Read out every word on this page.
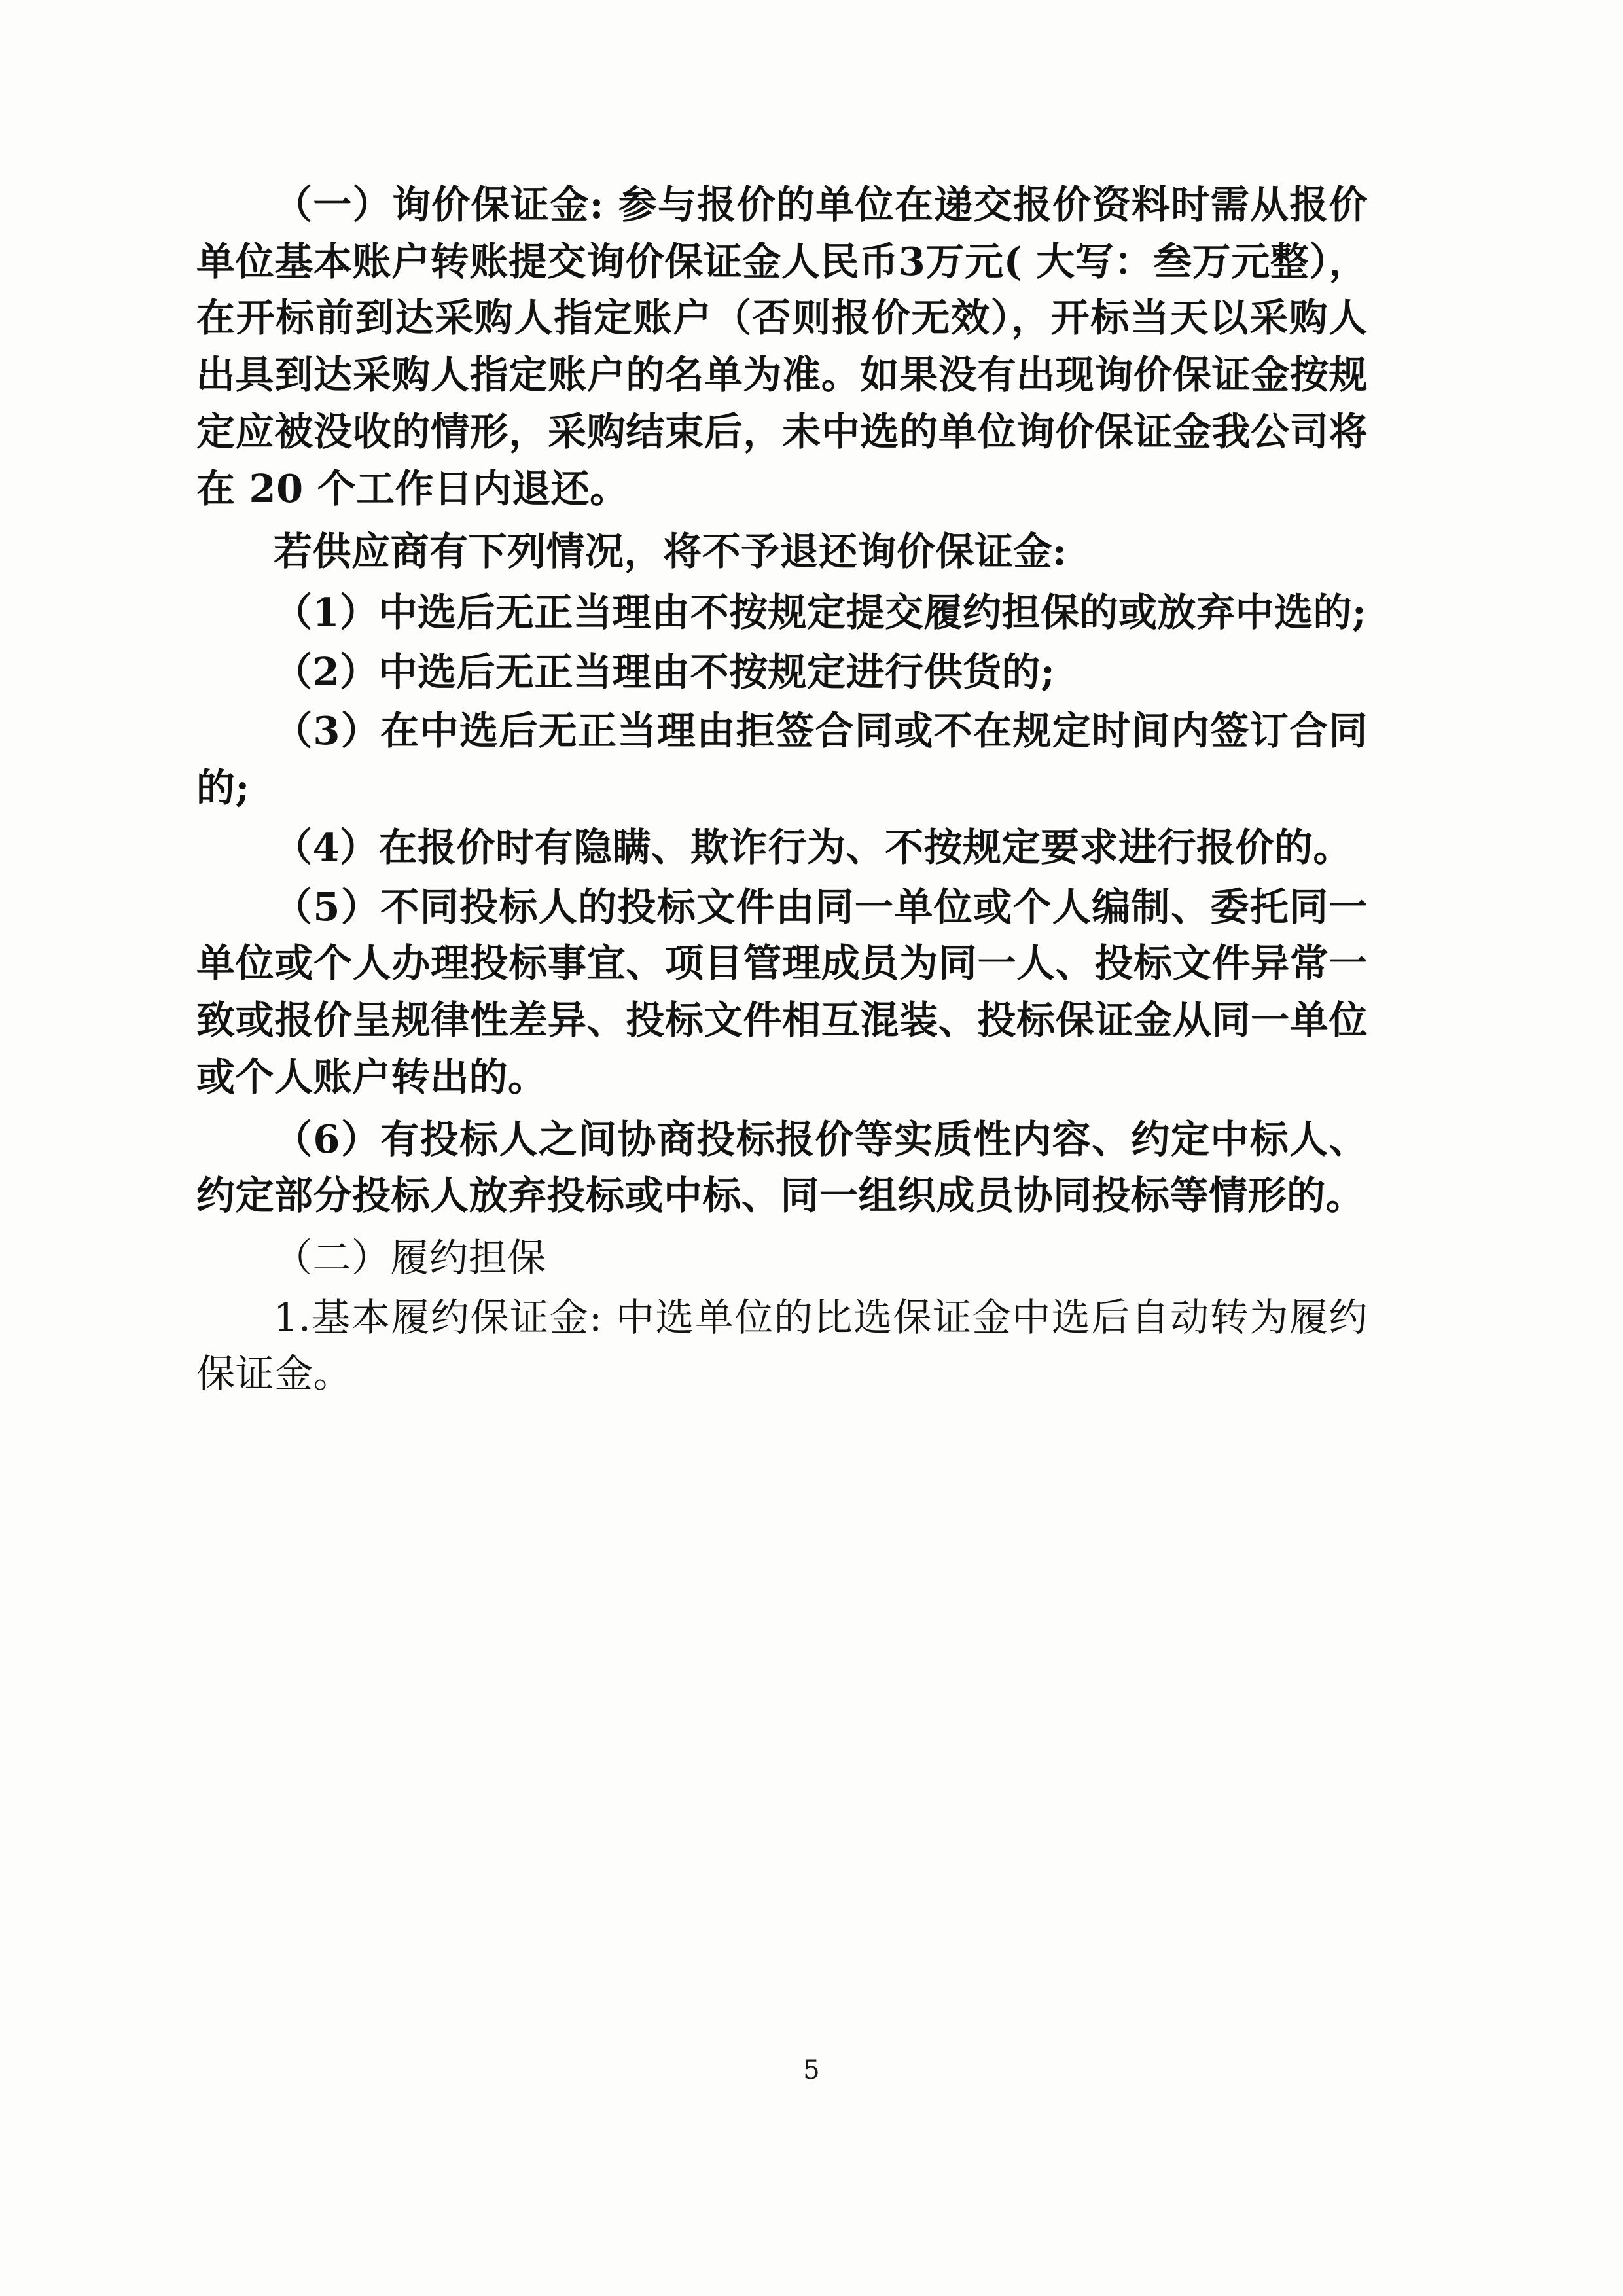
（一）询价保证金: 参与报价的单位在递交报价资料时需从报价单位基本账户转账提交询价保证金人民币3万元( 大写：叁万元整），在开标前到达采购人指定账户（否则报价无效），开标当天以采购人出具到达采购人指定账户的名单为准。如果没有出现询价保证金按规定应被没收的情形，采购结束后，未中选的单位询价保证金我公司将在 20 个工作日内退还。

若供应商有下列情况，将不予退还询价保证金:

（1）中选后无正当理由不按规定提交履约担保的或放弃中选的;

（2）中选后无正当理由不按规定进行供货的;

（3）在中选后无正当理由拒签合同或不在规定时间内签订合同的;

（4）在报价时有隐瞒、欺诈行为、不按规定要求进行报价的。

（5）不同投标人的投标文件由同一单位或个人编制、委托同一单位或个人办理投标事宜、项目管理成员为同一人、投标文件异常一致或报价呈规律性差异、投标文件相互混装、投标保证金从同一单位或个人账户转出的。

（6）有投标人之间协商投标报价等实质性内容、约定中标人、约定部分投标人放弃投标或中标、同一组织成员协同投标等情形的。

（二）履约担保

1.基本履约保证金: 中选单位的比选保证金中选后自动转为履约保证金。

5
